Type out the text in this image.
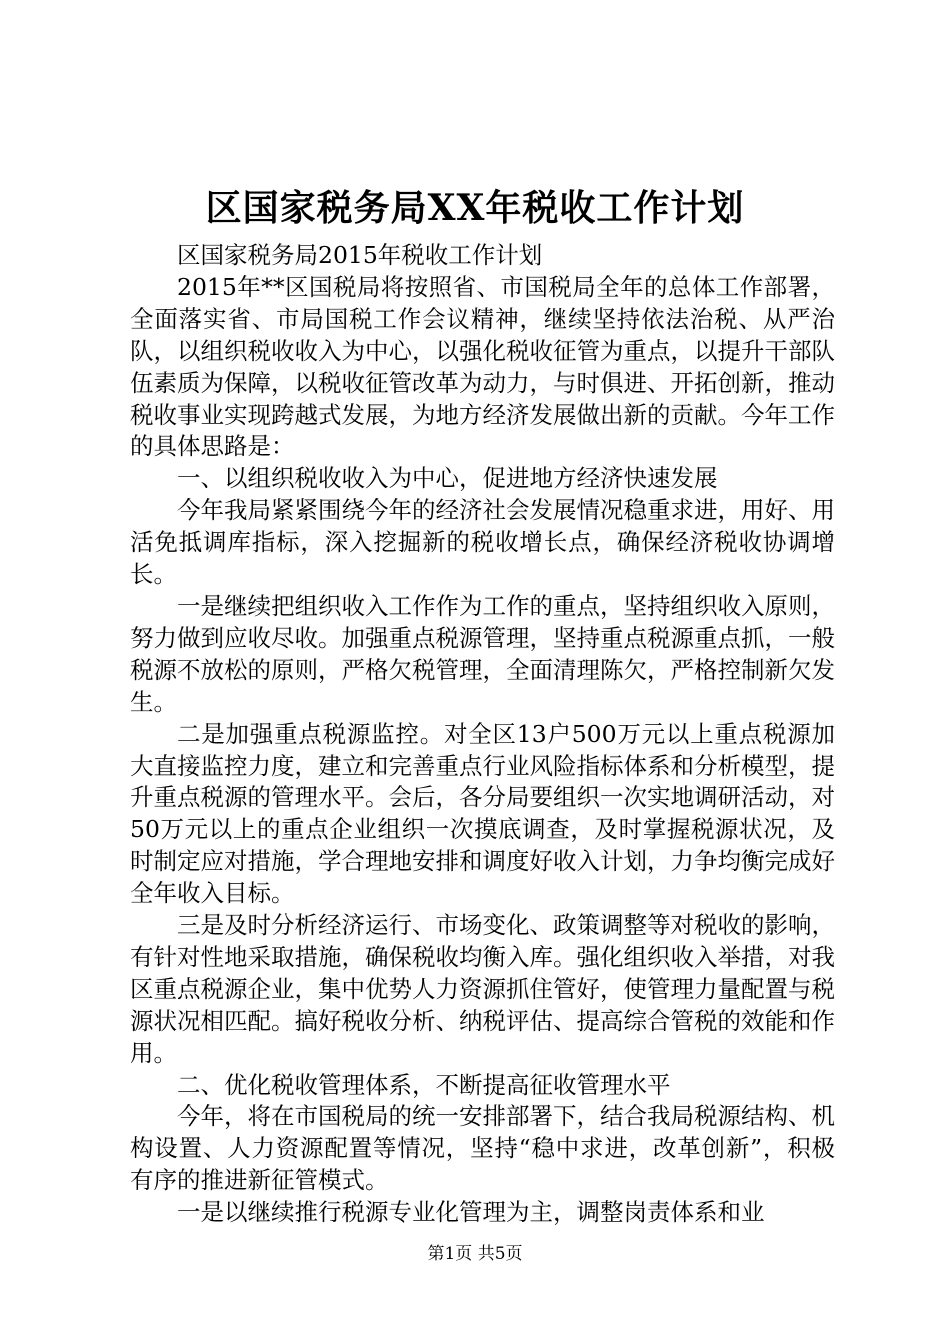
区国家税务局XX年税收工作计划

区国家税务局2015年税收工作计划

2015年**区国税局将按照省、市国税局全年的总体工作部署，全面落实省、市局国税工作会议精神，继续坚持依法治税、从严治队，以组织税收收入为中心，以强化税收征管为重点，以提升干部队伍素质为保障，以税收征管改革为动力，与时俱进、开拓创新，推动税收事业实现跨越式发展，为地方经济发展做出新的贡献。今年工作的具体思路是：

一、以组织税收收入为中心，促进地方经济快速发展

今年我局紧紧围绕今年的经济社会发展情况稳重求进，用好、用活免抵调库指标，深入挖掘新的税收增长点，确保经济税收协调增长。

一是继续把组织收入工作作为工作的重点，坚持组织收入原则，努力做到应收尽收。加强重点税源管理，坚持重点税源重点抓，一般税源不放松的原则，严格欠税管理，全面清理陈欠，严格控制新欠发生。

二是加强重点税源监控。对全区13户500万元以上重点税源加大直接监控力度，建立和完善重点行业风险指标体系和分析模型，提升重点税源的管理水平。会后，各分局要组织一次实地调研活动，对50万元以上的重点企业组织一次摸底调查，及时掌握税源状况，及时制定应对措施，学合理地安排和调度好收入计划，力争均衡完成好全年收入目标。

三是及时分析经济运行、市场变化、政策调整等对税收的影响，有针对性地采取措施，确保税收均衡入库。强化组织收入举措，对我区重点税源企业，集中优势人力资源抓住管好，使管理力量配置与税源状况相匹配。搞好税收分析、纳税评估、提高综合管税的效能和作用。

二、优化税收管理体系，不断提高征收管理水平

今年，将在市国税局的统一安排部署下，结合我局税源结构、机构设置、人力资源配置等情况，坚持“稳中求进，改革创新”，积极有序的推进新征管模式。

一是以继续推行税源专业化管理为主，调整岗责体系和业

第1页 共5页
